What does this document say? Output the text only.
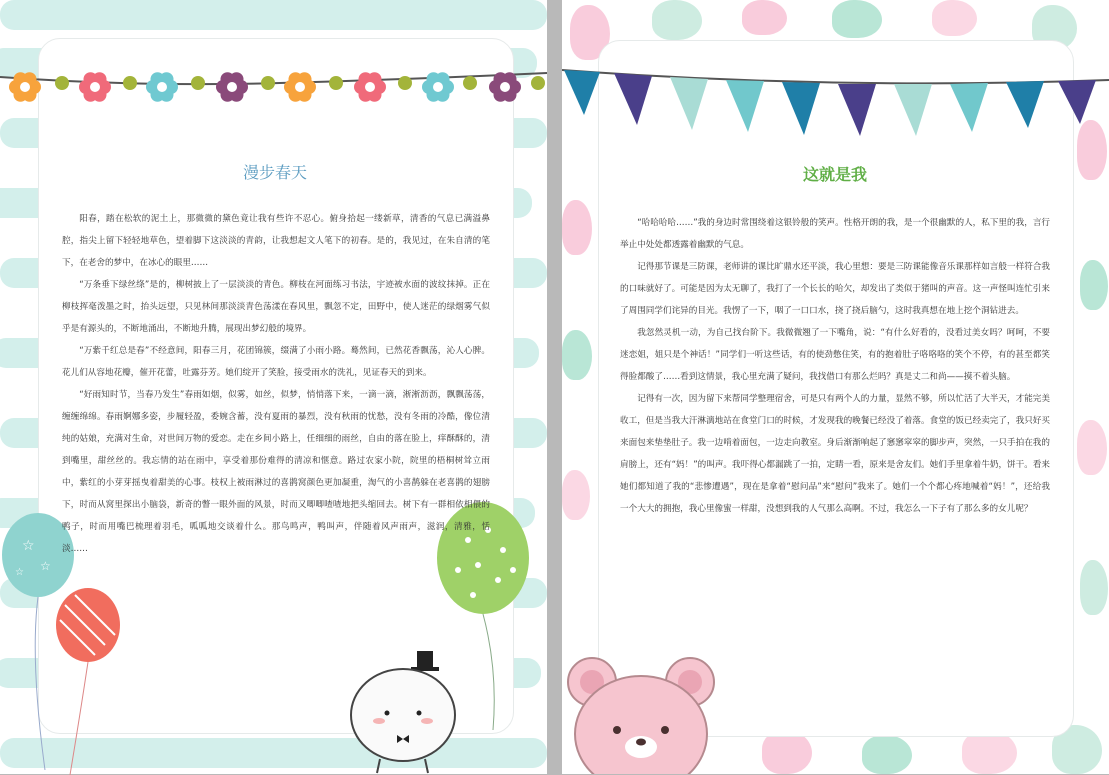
☆
☆
☆
漫步春天

阳春，踏在松软的泥土上，那微微的黛色竟让我有些许不忍心。俯身拾起一缕新草，清香的气息已满溢鼻腔，指尖上留下轻轻地草色，望着脚下这淡淡的青韵，让我想起文人笔下的初春。是的，我见过，在朱自清的笔下，在老舍的梦中，在冰心的眼里……

“万条垂下绿丝绦”是的，柳树披上了一层淡淡的青色。柳枝在河面练习书法，宇迹被水面的波纹抹掉。正在柳枝挥毫泼墨之时，抬头远望，只见林间那淡淡青色荡漾在春风里，飘忽不定，田野中，使人迷茫的绿烟雾气似乎是有源头的，不断地涌出，不断地升腾，展现出梦幻般的境界。

“万紫千红总是春”不经意间，阳春三月，花团锦簇，缀满了小雨小路。蓦然间，已然花香飘荡，沁人心脾。花儿们从容地花瓣，催开花蕾，吐露芬芳。她们绽开了笑脸，接受雨水的洗礼，见证春天的到来。

“好雨知时节，当春乃发生”春雨如烟，似雾，如丝，似梦，悄悄落下来，一滴一滴，淅淅沥沥，飘飘荡荡，缠缠绵绵。春雨婀娜多姿，步履轻盈，委婉含蓄，没有夏雨的暴烈，没有秋雨的忧愁，没有冬雨的冷酷，像位清纯的姑娘，充满对生命，对世间万物的爱恋。走在乡间小路上，任细细的雨丝，自由的落在脸上，痒酥酥的，清到嘴里，甜丝丝的。我忘情的站在雨中，享受着那份难得的清凉和惬意。路过农家小院，院里的梧桐树耸立雨中，紫红的小芽芽摇曳着甜美的心事。枝权上被雨淋过的喜鹊窝颜色更加凝重，淘气的小喜鹊躲在老喜鹊的翅膀下，时而从窝里探出小脑袋，新奇的瞥一眼外面的风景，时而又唧唧喳喳地把头缩回去。树下有一群相依相偎的鸭子，时而用嘴巴梳理着羽毛，呱呱地交谈着什么。那鸟鸣声，鸭叫声，伴随着风声雨声，滋润，清雅，恬淡……

这就是我

“哈哈哈哈……”我的身边时常围绕着这银铃般的笑声。性格开朗的我，是一个很幽默的人，私下里的我，言行举止中处处都透露着幽默的气息。

记得那节课是三防课，老师讲的课比旷鼎水还平淡，我心里想：要是三防课能像音乐课那样如言般一样符合我的口味就好了。可能是因为太无聊了，我打了一个长长的哈欠，却发出了类似于猪叫的声音。这一声怪叫连忙引来了周围同学们诧异的目光。我愣了一下，咽了一口口水，挠了挠后脑勺，这时我真想在地上挖个洞钻进去。

我忽然灵机一动，为自己找台阶下。我微微翘了一下嘴角，说：“有什么好看的，没看过美女吗？呵呵，不要迷恋姐，姐只是个神话！”同学们一听这些话，有的使劲憋住笑，有的抱着肚子咯咯咯的笑个不停，有的甚至都笑得脸都酸了……看到这情景，我心里充满了疑问，我找借口有那么烂吗？真是丈二和尚——摸不着头脑。

记得有一次，因为留下来帮同学整理宿舍，可是只有两个人的力量，显然不够，所以忙活了大半天，才能完美收工，但是当我大汗淋漓地站在食堂门口的时候，才发现我的晚餐已经没了着落。食堂的饭已经卖完了，我只好买来面包来垫垫肚子。我一边啃着面包，一边走向教室。身后渐渐响起了窸窸窣窣的脚步声，突然，一只手拍在我的肩膀上，还有“妈！”的叫声。我吓得心都漏跳了一拍，定睛一看，原来是舍友们。她们手里拿着牛奶，饼干。看来她们都知道了我的“悲惨遭遇”，现在是拿着“慰问品”来“慰问”我来了。她们一个个都心疼地喊着“妈！”，还给我一个大大的拥抱，我心里像蜜一样甜，没想到我的人气那么高啊。不过，我怎么一下子有了那么多的女儿呢？
